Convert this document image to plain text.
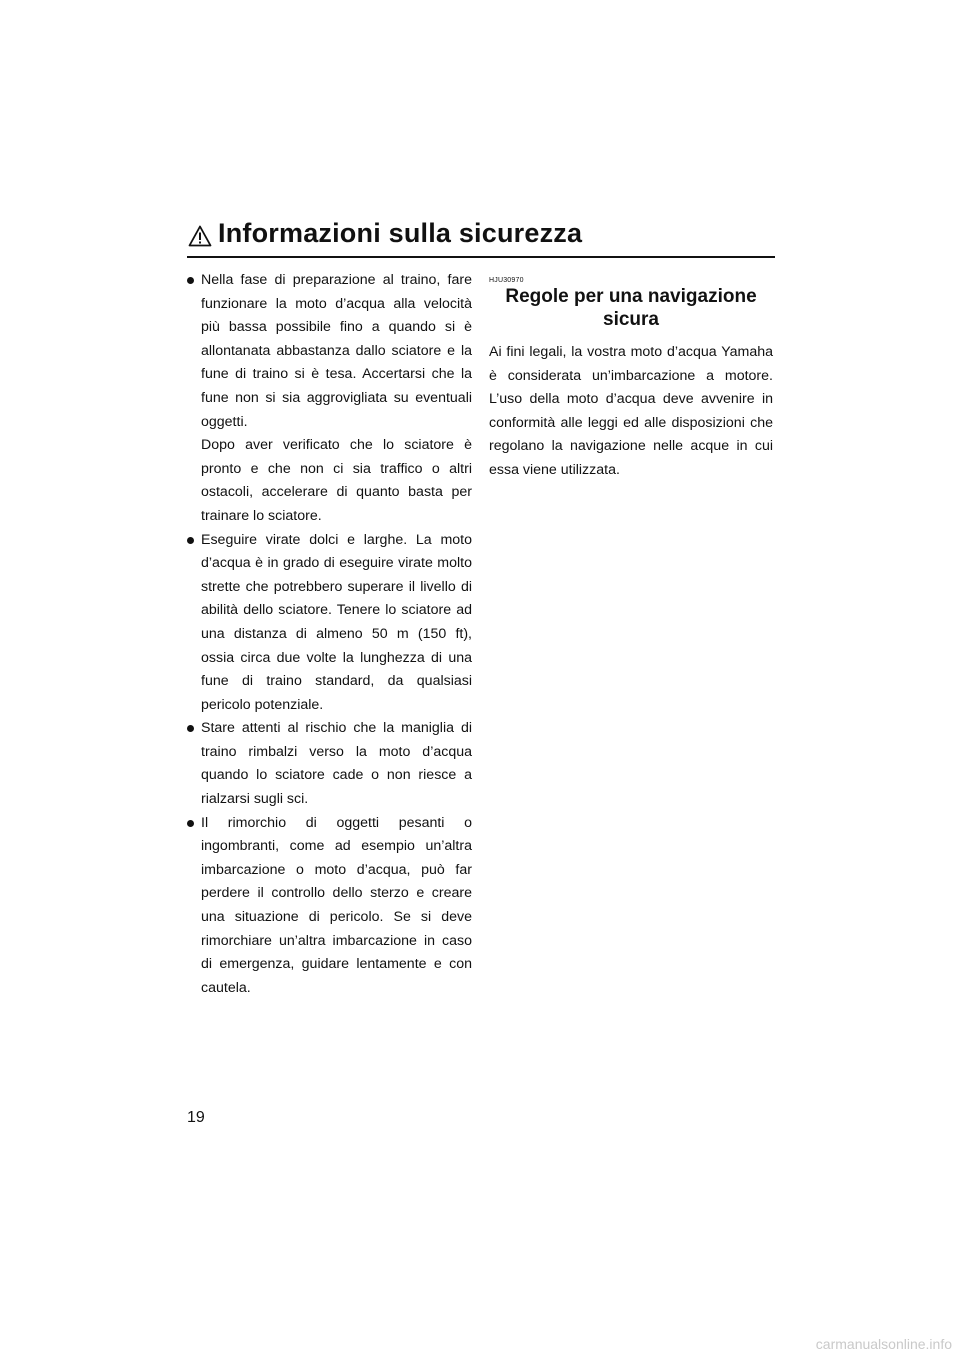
Informazioni sulla sicurezza

Nella fase di preparazione al traino, fare funzionare la moto d’acqua alla velocità più bassa possibile fino a quando si è allontanata abbastanza dallo sciatore e la fune di traino si è tesa. Accertarsi che la fune non si sia aggrovigliata su eventuali oggetti.

Dopo aver verificato che lo sciatore è pronto e che non ci sia traffico o altri ostacoli, accelerare di quanto basta per trainare lo sciatore.

Eseguire virate dolci e larghe. La moto d’acqua è in grado di eseguire virate molto strette che potrebbero superare il livello di abilità dello sciatore. Tenere lo sciatore ad una distanza di almeno 50 m (150 ft), ossia circa due volte la lunghezza di una fune di traino standard, da qualsiasi pericolo potenziale.

Stare attenti al rischio che la maniglia di traino rimbalzi verso la moto d’acqua quando lo sciatore cade o non riesce a rialzarsi sugli sci.

Il rimorchio di oggetti pesanti o ingombranti, come ad esempio un’altra imbarcazione o moto d’acqua, può far perdere il controllo dello sterzo e creare una situazione di pericolo. Se si deve rimorchiare un’altra imbarcazione in caso di emergenza, guidare lentamente e con cautela.

HJU30970
Regole per una navigazione
sicura

Ai fini legali, la vostra moto d’acqua Yamaha è considerata un’imbarcazione a motore. L’uso della moto d’acqua deve avvenire in conformità alle leggi ed alle disposizioni che regolano la navigazione nelle acque in cui essa viene utilizzata.

19
carmanualsonline.info
